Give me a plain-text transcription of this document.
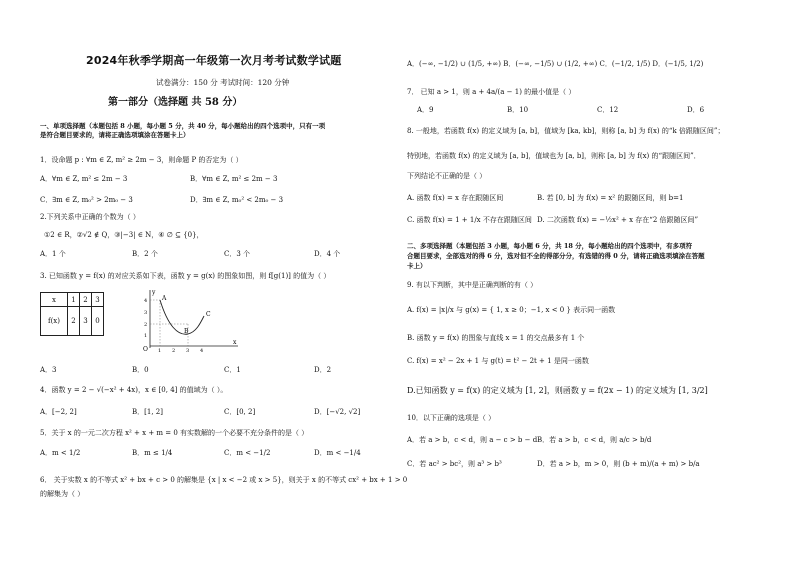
2024年秋季学期高一年级第一次月考考试数学试题
试卷满分：150 分 考试时间：120 分钟
第一部分（选择题 共 58 分）
一、单项选择题（本题包括 8 小题，每小题 5 分，共 40 分，每小题给出的四个选项中，只有一项
是符合题目要求的，请将正确选项填涂在答题卡上）
1．设命题 p : ∀m ∈ Z, m² ≥ 2m − 3，则命题 P 的否定为（ ）
A．∀m ∈ Z, m² ≤ 2m − 3	B．∀m ∈ Z, m² ≤ 2m − 3
C．∃m ∈ Z, m₀² > 2m₀ − 3	D．∃m ∈ Z, m₀² < 2m₀ − 3
2.下列关系中正确的个数为（ ）
①2 ∈ R，②√2 ∉ Q，③|−3| ∈ N，④ ∅ ⊆ {0}，
A．1 个	B．2 个	C．3 个	D．4 个
3. 已知函数 y = f(x) 的对应关系如下表，函数 y = g(x) 的图象如图，则 f[g(1)] 的值为（ ）
x	1	2	3
f(x)	2	3	0
y
x
A
B
C
O 1 2 3 4
1
2
3
4
A．3	B．0	C．1	D．2
4．函数 y = 2 − √(−x² + 4x)，x ∈ [0, 4] 的值域为（ ）。
A．[−2, 2]	B．[1, 2]	C．[0, 2]	D．[−√2, √2]
5．关于 x 的一元二次方程 x² + x + m = 0 有实数解的一个必要不充分条件的是（ ）
A．m < 1/2	B．m ≤ 1/4	C．m < −1/2	D．m < −1/4
6． 关于实数 x 的不等式 x² + bx + c > 0 的解集是 {x | x < −2 或 x > 5}，则关于 x 的不等式 cx² + bx + 1 > 0
的解集为（ ）
A．(−∞, −1/2) ∪ (1/5, +∞) B．(−∞, −1/5) ∪ (1/2, +∞) C．(−1/2, 1/5) D．(−1/5, 1/2)
7． 已知 a > 1，则 a + 4a/(a − 1) 的最小值是（ ）
A．9	B．10	C．12	D．6
8. 一般地，若函数 f(x) 的定义域为 [a, b]，值域为 [ka, kb]，则称 [a, b] 为 f(x) 的“k 倍跟随区间”；
特别地，若函数 f(x) 的定义域为 [a, b]，值域也为 [a, b]，则称 [a, b] 为 f(x) 的“跟随区间”．
下列结论不正确的是（ ）
A. 函数 f(x) = x 存在跟随区间	B. 若 [0, b] 为 f(x) = x² 的跟随区间，则 b=1
C. 函数 f(x) = 1 + 1/x 不存在跟随区间 D. 二次函数 f(x) = −½x² + x 存在“2 倍跟随区间”
二、多项选择题（本题包括 3 小题，每小题 6 分，共 18 分，每小题给出的四个选项中，有多项符
合题目要求，全部选对的得 6 分，选对但不全的得部分分，有选错的得 0 分，请将正确选项填涂在答题
卡上）
9. 有以下判断，其中是正确判断的有（ ）
A. f(x) = |x|/x 与 g(x) = { 1, x ≥ 0；−1, x < 0 } 表示同一函数
B. 函数 y = f(x) 的图象与直线 x = 1 的交点最多有 1 个
C. f(x) = x² − 2x + 1 与 g(t) = t² − 2t + 1 是同一函数
D.已知函数 y = f(x) 的定义域为 [1, 2]，则函数 y = f(2x − 1) 的定义域为 [1, 3/2]
10．以下正确的选项是（ ）
A．若 a > b，c < d，则 a − c > b − d B．若 a > b，c < d，则 a/c > b/d
C．若 ac² > bc²，则 a³ > b³	D．若 a > b，m > 0，则 (b + m)/(a + m) > b/a
